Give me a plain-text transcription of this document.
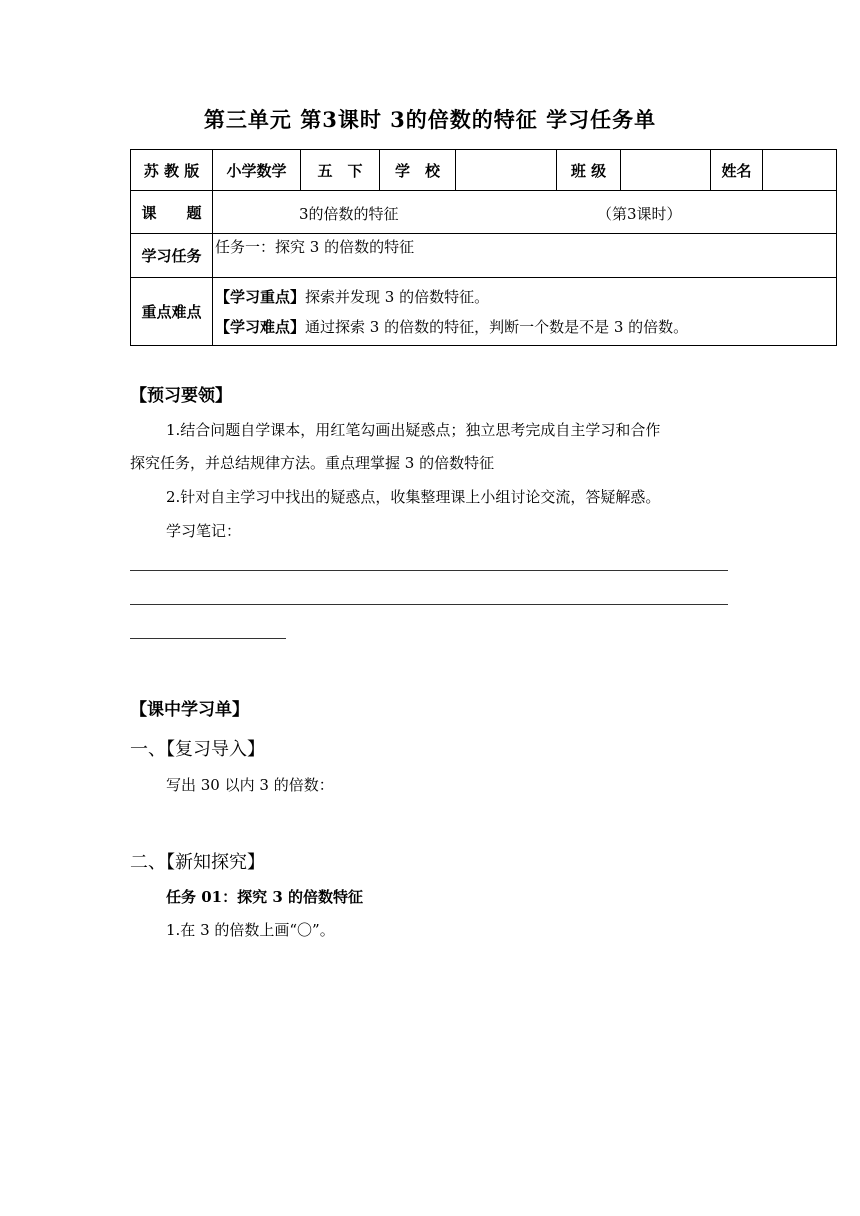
第三单元 第3课时 3的倍数的特征 学习任务单
苏 教 版	小学数学	五　下	学　校		班 级		姓名	
课　　题	3的倍数的特征 （第3课时）							

学习任务	任务一：探究 3 的倍数的特征							
重点难点	【学习重点】探索并发现 3 的倍数特征。
【学习难点】通过探索 3 的倍数的特征，判断一个数是不是 3 的倍数。							
【预习要领】
1.结合问题自学课本，用红笔勾画出疑惑点；独立思考完成自主学习和合作
探究任务，并总结规律方法。重点理掌握 3 的倍数特征
2.针对自主学习中找出的疑惑点，收集整理课上小组讨论交流，答疑解惑。
学习笔记：
【课中学习单】
一、【复习导入】
写出 30 以内 3 的倍数：
二、【新知探究】
任务 01：探究 3 的倍数特征
1.在 3 的倍数上画“〇”。
